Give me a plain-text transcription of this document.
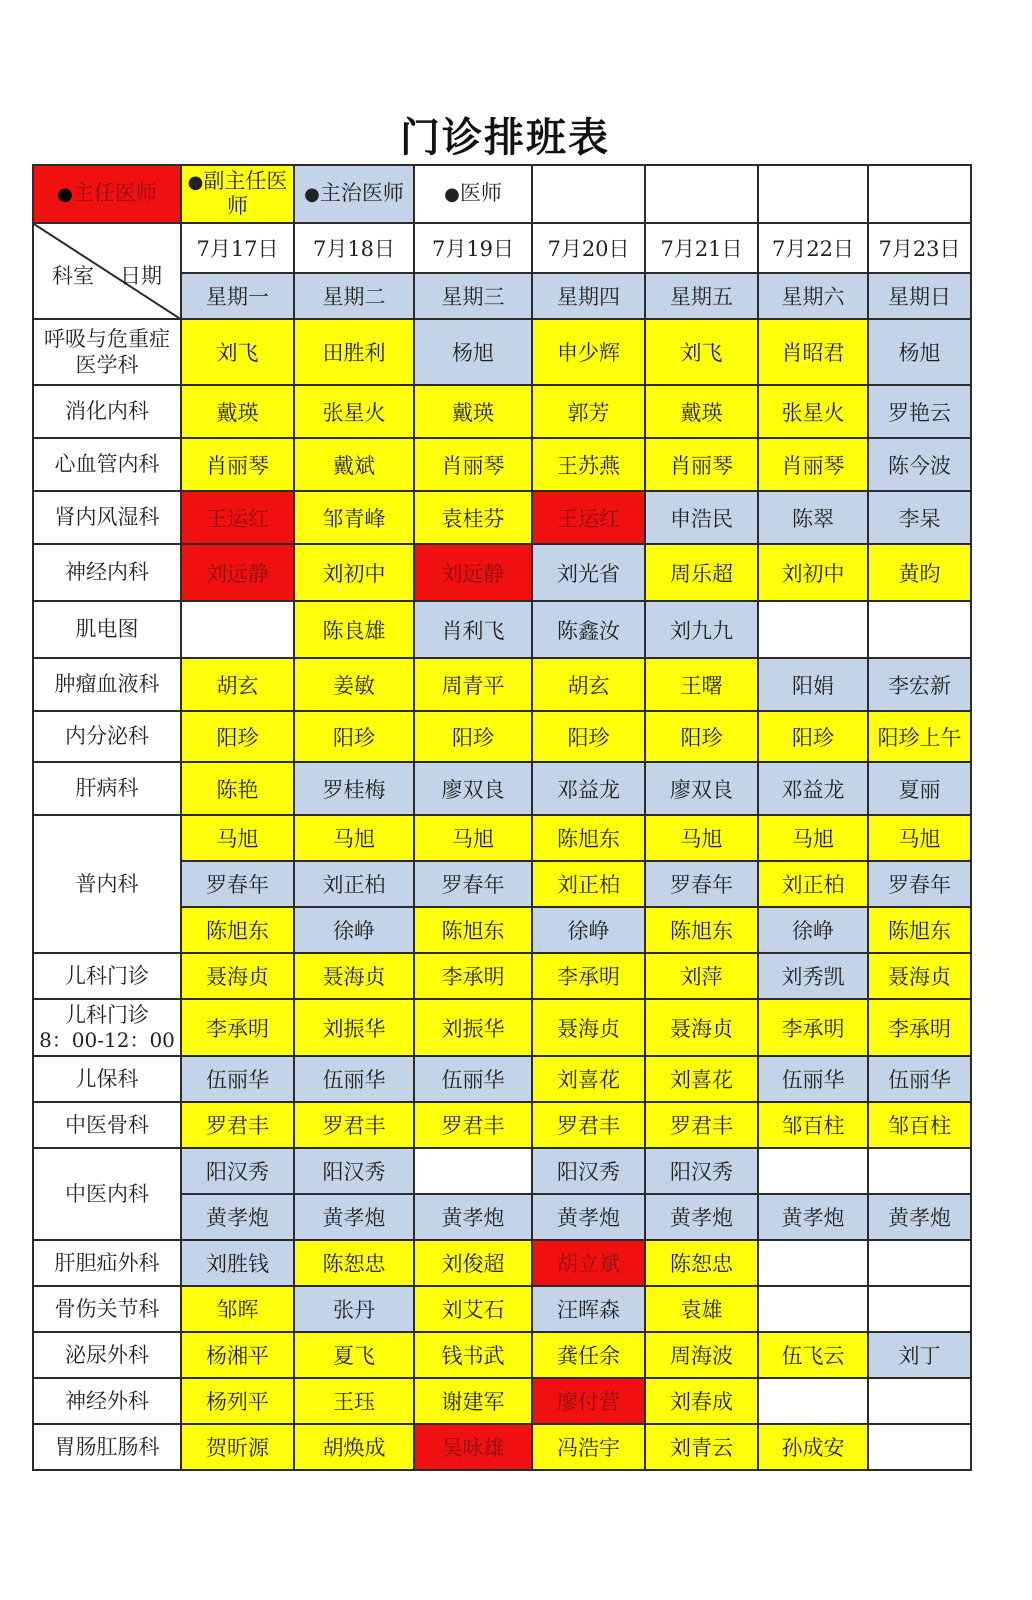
门诊排班表
●主任医师	●副主任医师	●主治医师	●医师				

科室 日期	7月17日	7月18日	7月19日	7月20日	7月21日	7月22日	7月23日
	星期一	星期二	星期三	星期四	星期五	星期六	星期日

呼吸与危重症医学科	刘飞	田胜利	杨旭	申少辉	刘飞	肖昭君	杨旭

消化内科	戴瑛	张星火	戴瑛	郭芳	戴瑛	张星火	罗艳云

心血管内科	肖丽琴	戴斌	肖丽琴	王苏燕	肖丽琴	肖丽琴	陈今波

肾内风湿科	王运红	邹青峰	袁桂芬	王运红	申浩民	陈翠	李杲

神经内科	刘远静	刘初中	刘远静	刘光省	周乐超	刘初中	黄昀

肌电图		陈良雄	肖利飞	陈鑫汝	刘九九		

肿瘤血液科	胡玄	姜敏	周青平	胡玄	王曙	阳娟	李宏新

内分泌科	阳珍	阳珍	阳珍	阳珍	阳珍	阳珍	阳珍上午

肝病科	陈艳	罗桂梅	廖双良	邓益龙	廖双良	邓益龙	夏丽

普内科	马旭	马旭	马旭	陈旭东	马旭	马旭	马旭
	罗春年	刘正柏	罗春年	刘正柏	罗春年	刘正柏	罗春年
	陈旭东	徐峥	陈旭东	徐峥	陈旭东	徐峥	陈旭东

儿科门诊	聂海贞	聂海贞	李承明	李承明	刘萍	刘秀凯	聂海贞

儿科门诊
8：00-12：00	李承明	刘振华	刘振华	聂海贞	聂海贞	李承明	李承明

儿保科	伍丽华	伍丽华	伍丽华	刘喜花	刘喜花	伍丽华	伍丽华

中医骨科	罗君丰	罗君丰	罗君丰	罗君丰	罗君丰	邹百柱	邹百柱

中医内科	阳汉秀	阳汉秀		阳汉秀	阳汉秀		
	黄孝炮	黄孝炮	黄孝炮	黄孝炮	黄孝炮	黄孝炮	黄孝炮

肝胆疝外科	刘胜钱	陈恕忠	刘俊超	胡立斌	陈恕忠		

骨伤关节科	邹晖	张丹	刘艾石	汪晖森	袁雄		

泌尿外科	杨湘平	夏飞	钱书武	龚任余	周海波	伍飞云	刘丁

神经外科	杨列平	王珏	谢建军	廖付营	刘春成		

胃肠肛肠科	贺昕源	胡焕成	吴咏雄	冯浩宇	刘青云	孙成安	
